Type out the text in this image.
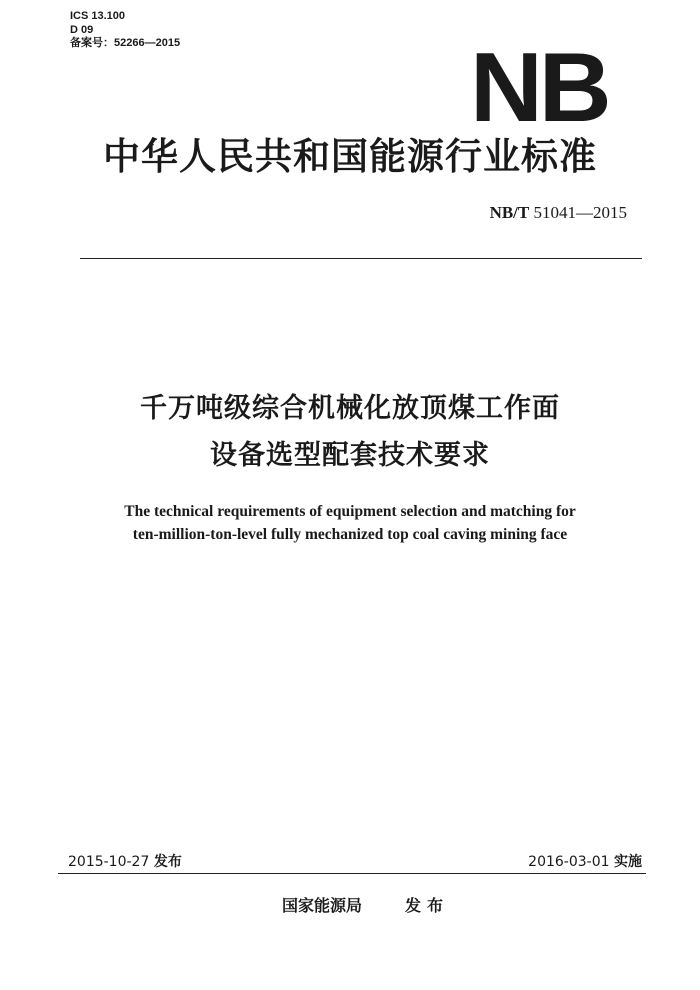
ICS 13.100
D 09
备案号：52266—2015	NB
中华人民共和国能源行业标准
NB/T 51041—2015
千万吨级综合机械化放顶煤工作面
设备选型配套技术要求
The technical requirements of equipment selection and matching for
ten-million-ton-level fully mechanized top coal caving mining face
2015-10-27 发布	2016-03-01 实施
国家能源局	发布
